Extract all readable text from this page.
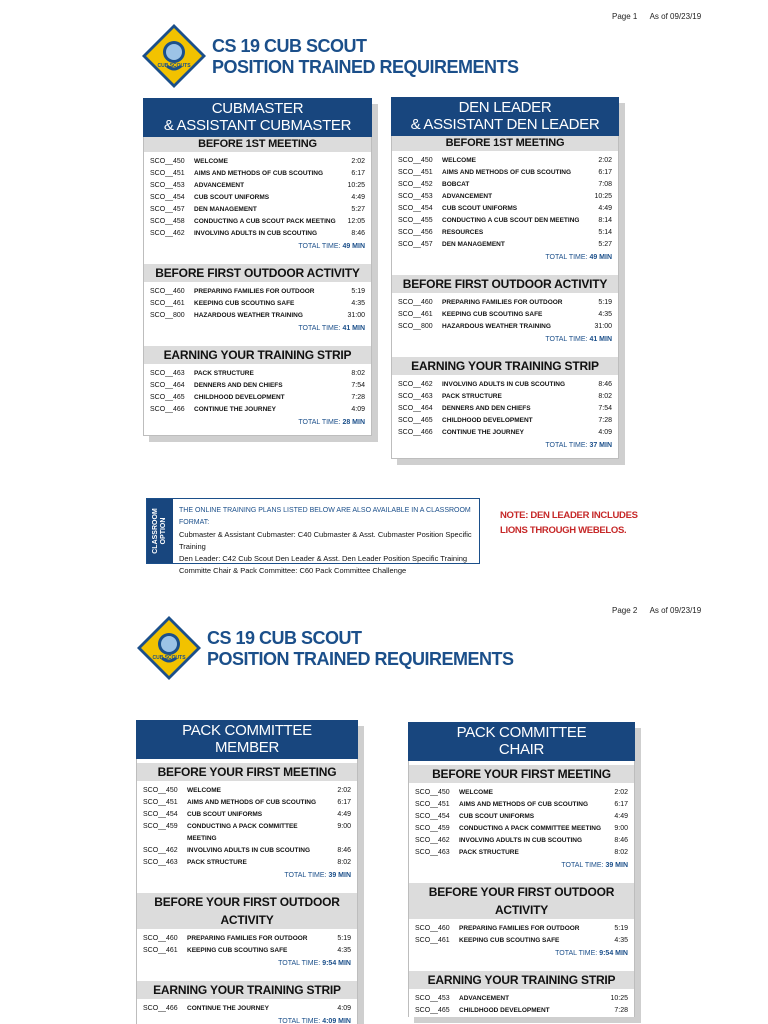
Page 1 As of 09/23/19
CUB SCOUTS
CS 19 CUB SCOUT
POSITION TRAINED REQUIREMENTS
CUBMASTER
& ASSISTANT CUBMASTER
BEFORE 1ST MEETING
SCO__450	WELCOME	2:02
SCO__451	AIMS AND METHODS OF CUB SCOUTING	6:17
SCO__453	ADVANCEMENT	10:25
SCO__454	CUB SCOUT UNIFORMS	4:49
SCO__457	DEN MANAGEMENT	5:27
SCO__458	CONDUCTING A CUB SCOUT PACK MEETING	12:05
SCO__462	INVOLVING ADULTS IN CUB SCOUTING	8:46
TOTAL TIME: 49 MIN
BEFORE FIRST OUTDOOR ACTIVITY
SCO__460	PREPARING FAMILIES FOR OUTDOOR	5:19
SCO__461	KEEPING CUB SCOUTING SAFE	4:35
SCO__800	HAZARDOUS WEATHER TRAINING	31:00
TOTAL TIME: 41 MIN
EARNING YOUR TRAINING STRIP
SCO__463	PACK STRUCTURE	8:02
SCO__464	DENNERS AND DEN CHIEFS	7:54
SCO__465	CHILDHOOD DEVELOPMENT	7:28
SCO__466	CONTINUE THE JOURNEY	4:09
TOTAL TIME: 28 MIN
DEN LEADER
& ASSISTANT DEN LEADER
BEFORE 1ST MEETING
SCO__450	WELCOME	2:02
SCO__451	AIMS AND METHODS OF CUB SCOUTING	6:17
SCO__452	BOBCAT	7:08
SCO__453	ADVANCEMENT	10:25
SCO__454	CUB SCOUT UNIFORMS	4:49
SCO__455	CONDUCTING A CUB SCOUT DEN MEETING	8:14
SCO__456	RESOURCES	5:14
SCO__457	DEN MANAGEMENT	5:27
TOTAL TIME: 49 MIN
BEFORE FIRST OUTDOOR ACTIVITY
SCO__460	PREPARING FAMILIES FOR OUTDOOR	5:19
SCO__461	KEEPING CUB SCOUTING SAFE	4:35
SCO__800	HAZARDOUS WEATHER TRAINING	31:00
TOTAL TIME: 41 MIN
EARNING YOUR TRAINING STRIP
SCO__462	INVOLVING ADULTS IN CUB SCOUTING	8:46
SCO__463	PACK STRUCTURE	8:02
SCO__464	DENNERS AND DEN CHIEFS	7:54
SCO__465	CHILDHOOD DEVELOPMENT	7:28
SCO__466	CONTINUE THE JOURNEY	4:09
TOTAL TIME: 37 MIN
CLASSROOM OPTION
THE ONLINE TRAINING PLANS LISTED BELOW ARE ALSO AVAILABLE IN A CLASSROOM FORMAT:
Cubmaster & Assistant Cubmaster: C40 Cubmaster & Asst. Cubmaster Position Specific Training
Den Leader: C42 Cub Scout Den Leader & Asst. Den Leader Position Specific Training
Committe Chair & Pack Committee: C60 Pack Committee Challenge
NOTE: DEN LEADER INCLUDES
LIONS THROUGH WEBELOS.
Page 2 As of 09/23/19
CUB SCOUTS
CS 19 CUB SCOUT
POSITION TRAINED REQUIREMENTS
PACK COMMITTEE
MEMBER
BEFORE YOUR FIRST MEETING
SCO__450	WELCOME	2:02
SCO__451	AIMS AND METHODS OF CUB SCOUTING	6:17
SCO__454	CUB SCOUT UNIFORMS	4:49
SCO__459	CONDUCTING A PACK COMMITTEE MEETING
9:00
SCO__462	INVOLVING ADULTS IN CUB SCOUTING	8:46
SCO__463	PACK STRUCTURE	8:02
TOTAL TIME: 39 MIN
BEFORE YOUR FIRST OUTDOOR ACTIVITY
SCO__460	PREPARING FAMILIES FOR OUTDOOR	5:19
SCO__461	KEEPING CUB SCOUTING SAFE	4:35
TOTAL TIME: 9:54 MIN
EARNING YOUR TRAINING STRIP
SCO__466	CONTINUE THE JOURNEY	4:09
TOTAL TIME: 4:09 MIN
PACK COMMITTEE
CHAIR
BEFORE YOUR FIRST MEETING
SCO__450	WELCOME	2:02
SCO__451	AIMS AND METHODS OF CUB SCOUTING	6:17
SCO__454	CUB SCOUT UNIFORMS	4:49
SCO__459	CONDUCTING A PACK COMMITTEE MEETING	9:00
SCO__462	INVOLVING ADULTS IN CUB SCOUTING	8:46
SCO__463	PACK STRUCTURE	8:02
TOTAL TIME: 39 MIN
BEFORE YOUR FIRST OUTDOOR ACTIVITY
SCO__460	PREPARING FAMILIES FOR OUTDOOR	5:19
SCO__461	KEEPING CUB SCOUTING SAFE	4:35
TOTAL TIME: 9:54 MIN
EARNING YOUR TRAINING STRIP
SCO__453	ADVANCEMENT	10:25
SCO__465	CHILDHOOD DEVELOPMENT	7:28
